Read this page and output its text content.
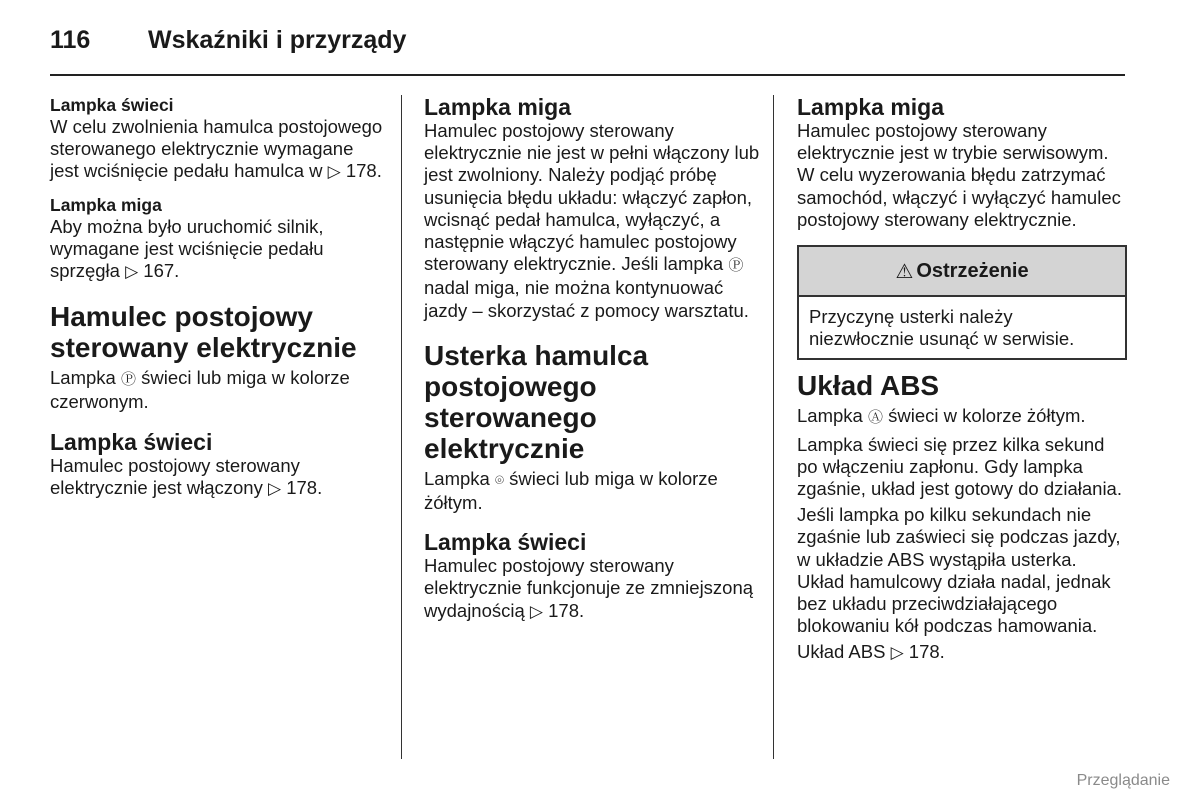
116 Wskaźniki i przyrządy
Lampka świeci

W celu zwolnienia hamulca postojowego sterowanego elektrycznie wymagane jest wciśnięcie pedału hamulca w ▷ 178.

Lampka miga

Aby można było uruchomić silnik, wymagane jest wciśnięcie pedału sprzęgła ▷ 167.

Hamulec postojowy sterowany elektrycznie

Lampka Ⓟ świeci lub miga w kolorze czerwonym.

Lampka świeci

Hamulec postojowy sterowany elektrycznie jest włączony ▷ 178.

Lampka miga

Hamulec postojowy sterowany elektrycznie nie jest w pełni włączony lub jest zwolniony. Należy podjąć próbę usunięcia błędu układu: włączyć zapłon, wcisnąć pedał hamulca, wyłączyć, a następnie włączyć hamulec postojowy sterowany elektrycznie. Jeśli lampka Ⓟ nadal miga, nie można kontynuować jazdy – skorzystać z pomocy warsztatu.

Usterka hamulca postojowego sterowanego elektrycznie

Lampka ⌾ świeci lub miga w kolorze żółtym.

Lampka świeci

Hamulec postojowy sterowany elektrycznie funkcjonuje ze zmniejszoną wydajnością ▷ 178.

Lampka miga

Hamulec postojowy sterowany elektrycznie jest w trybie serwisowym. W celu wyzerowania błędu zatrzymać samochód, włączyć i wyłączyć hamulec postojowy sterowany elektrycznie.

⚠ Ostrzeżenie
Przyczynę usterki należy niezwłocznie usunąć w serwisie.
Układ ABS

Lampka Ⓐ świeci w kolorze żółtym.

Lampka świeci się przez kilka sekund po włączeniu zapłonu. Gdy lampka zgaśnie, układ jest gotowy do działania.

Jeśli lampka po kilku sekundach nie zgaśnie lub zaświeci się podczas jazdy, w układzie ABS wystąpiła usterka. Układ hamulcowy działa nadal, jednak bez układu przeciwdziałającego blokowaniu kół podczas hamowania.

Układ ABS ▷ 178.

Przeglądanie
